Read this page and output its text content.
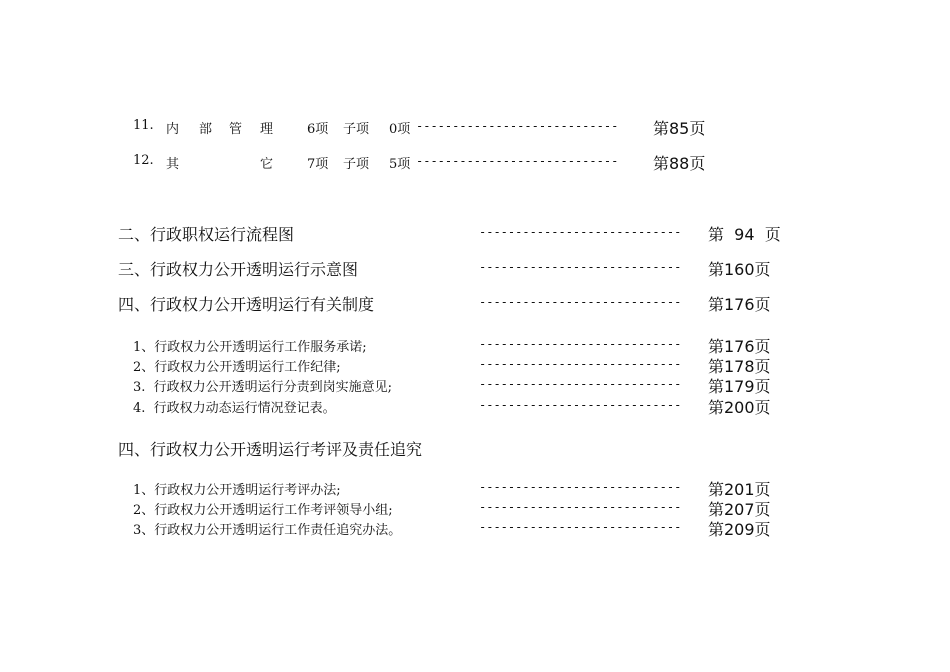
11. 内 部 管 理	6项 子项 0项 ---------------------------- 第85页
12. 其	它	7项 子项 5项 ---------------------------- 第88页
二、行政职权运行流程图	---------------------------- 第  94  页
三、行政权力公开透明运行示意图	---------------------------- 第160页
四、行政权力公开透明运行有关制度	---------------------------- 第176页
1、行政权力公开透明运行工作服务承诺;	---------------------------- 第176页
2、行政权力公开透明运行工作纪律;	---------------------------- 第178页
3.  行政权力公开透明运行分责到岗实施意见;	---------------------------- 第179页
4.  行政权力动态运行情况登记表。	---------------------------- 第200页
四、行政权力公开透明运行考评及责任追究
1、行政权力公开透明运行考评办法;	---------------------------- 第201页
2、行政权力公开透明运行工作考评领导小组;	---------------------------- 第207页
3、行政权力公开透明运行工作责任追究办法。	---------------------------- 第209页
